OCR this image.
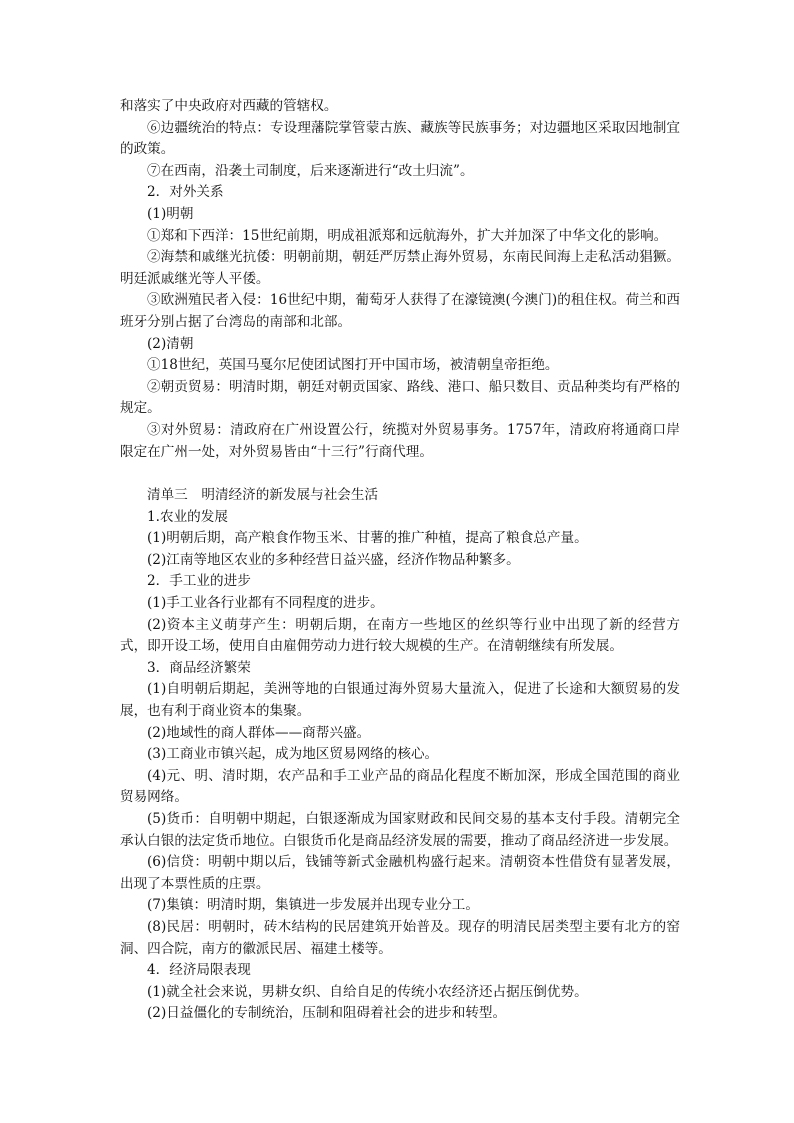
和落实了中央政府对西藏的管辖权。

⑥边疆统治的特点：专设理藩院掌管蒙古族、藏族等民族事务；对边疆地区采取因地制宜的政策。

⑦在西南，沿袭土司制度，后来逐渐进行“改土归流”。

2．对外关系

(1)明朝

①郑和下西洋：15世纪前期，明成祖派郑和远航海外，扩大并加深了中华文化的影响。

②海禁和戚继光抗倭：明朝前期，朝廷严厉禁止海外贸易，东南民间海上走私活动猖獗。明廷派戚继光等人平倭。

③欧洲殖民者入侵：16世纪中期，葡萄牙人获得了在濠镜澳(今澳门)的租住权。荷兰和西班牙分别占据了台湾岛的南部和北部。

(2)清朝

①18世纪，英国马戛尔尼使团试图打开中国市场，被清朝皇帝拒绝。

②朝贡贸易：明清时期，朝廷对朝贡国家、路线、港口、船只数目、贡品种类均有严格的规定。

③对外贸易：清政府在广州设置公行，统揽对外贸易事务。1757年，清政府将通商口岸限定在广州一处，对外贸易皆由“十三行”行商代理。

清单三　明清经济的新发展与社会生活

1.农业的发展

(1)明朝后期，高产粮食作物玉米、甘薯的推广种植，提高了粮食总产量。

(2)江南等地区农业的多种经营日益兴盛，经济作物品种繁多。

2．手工业的进步

(1)手工业各行业都有不同程度的进步。

(2)资本主义萌芽产生：明朝后期，在南方一些地区的丝织等行业中出现了新的经营方式，即开设工场，使用自由雇佣劳动力进行较大规模的生产。在清朝继续有所发展。

3．商品经济繁荣

(1)自明朝后期起，美洲等地的白银通过海外贸易大量流入，促进了长途和大额贸易的发展，也有利于商业资本的集聚。

(2)地域性的商人群体——商帮兴盛。

(3)工商业市镇兴起，成为地区贸易网络的核心。

(4)元、明、清时期，农产品和手工业产品的商品化程度不断加深，形成全国范围的商业贸易网络。

(5)货币：自明朝中期起，白银逐渐成为国家财政和民间交易的基本支付手段。清朝完全承认白银的法定货币地位。白银货币化是商品经济发展的需要，推动了商品经济进一步发展。

(6)信贷：明朝中期以后，钱铺等新式金融机构盛行起来。清朝资本性借贷有显著发展，出现了本票性质的庄票。

(7)集镇：明清时期，集镇进一步发展并出现专业分工。

(8)民居：明朝时，砖木结构的民居建筑开始普及。现存的明清民居类型主要有北方的窑洞、四合院，南方的徽派民居、福建土楼等。

4．经济局限表现

(1)就全社会来说，男耕女织、自给自足的传统小农经济还占据压倒优势。

(2)日益僵化的专制统治，压制和阻碍着社会的进步和转型。
